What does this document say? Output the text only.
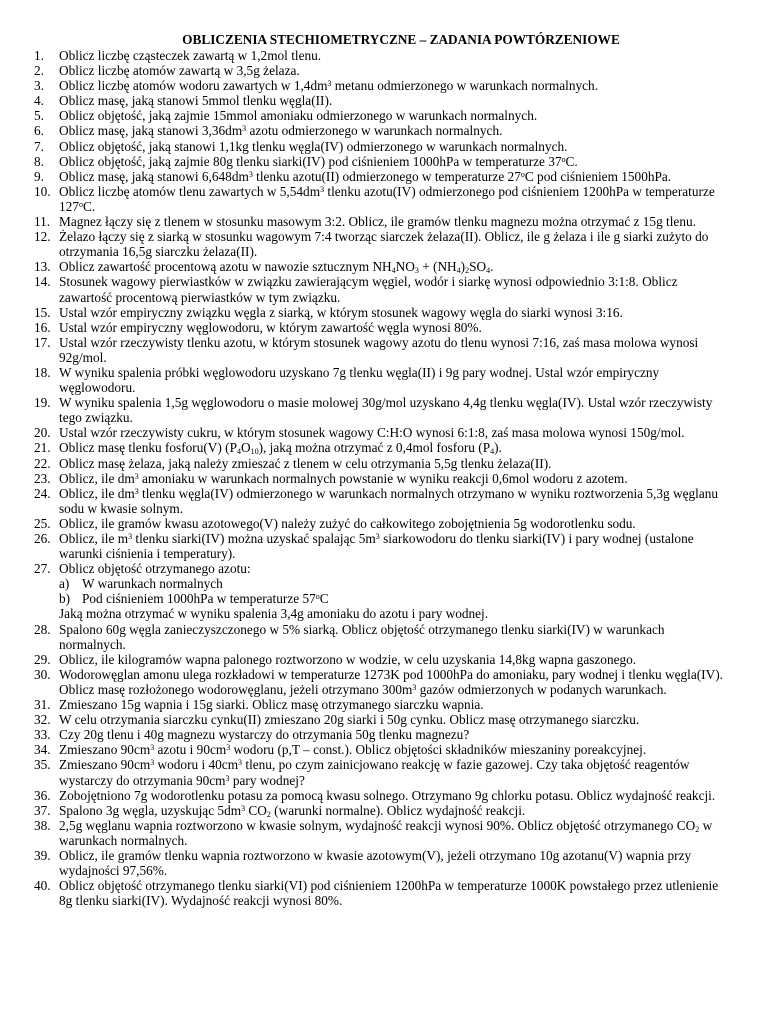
OBLICZENIA STECHIOMETRYCZNE – ZADANIA POWTÓRZENIOWE
1.	Oblicz liczbę cząsteczek zawartą w 1,2mol tlenu.
2.	Oblicz liczbę atomów zawartą w 3,5g żelaza.
3.	Oblicz liczbę atomów wodoru zawartych w $1,4dm^3$ metanu odmierzonego w warunkach normalnych.
4.	Oblicz masę, jaką stanowi 5mmol tlenku węgla(II).
5.	Oblicz objętość, jaką zajmie 15mmol amoniaku odmierzonego w warunkach normalnych.
6.	Oblicz masę, jaką stanowi $3,36dm^3$ azotu odmierzonego w warunkach normalnych.
7.	Oblicz objętość, jaką stanowi 1,1kg tlenku węgla(IV) odmierzonego w warunkach normalnych.
8.	Oblicz objętość, jaką zajmie 80g tlenku siarki(IV) pod ciśnieniem 1000hPa w temperaturze 37$^o$C.
9.	Oblicz masę, jaką stanowi $6,648dm^3$ tlenku azotu(II) odmierzonego w temperaturze 27$^o$C pod ciśnieniem 1500hPa.
10. Oblicz liczbę atomów tlenu zawartych w $5,54dm^3$ tlenku azotu(IV) odmierzonego pod ciśnieniem 1200hPa w temperaturze 127$^o$C.
11. Magnez łączy się z tlenem w stosunku masowym 3:2. Oblicz, ile gramów tlenku magnezu można otrzymać z 15g tlenu.
12. Żelazo łączy się z siarką w stosunku wagowym 7:4 tworząc siarczek żelaza(II). Oblicz, ile g żelaza i ile g siarki zużyto do otrzymania 16,5g siarczku żelaza(II).
13. Oblicz zawartość procentową azotu w nawozie sztucznym $NH_4NO_3 + (NH_4)_2SO_4$.
14. Stosunek wagowy pierwiastków w związku zawierającym węgiel, wodór i siarkę wynosi odpowiednio 3:1:8. Oblicz zawartość procentową pierwiastków w tym związku.
15. Ustal wzór empiryczny związku węgla z siarką, w którym stosunek wagowy węgla do siarki wynosi 3:16.
16. Ustal wzór empiryczny węglowodoru, w którym zawartość węgla wynosi 80%.
17. Ustal wzór rzeczywisty tlenku azotu, w którym stosunek wagowy azotu do tlenu wynosi 7:16, zaś masa molowa wynosi 92g/mol.
18. W wyniku spalenia próbki węglowodoru uzyskano 7g tlenku węgla(II) i 9g pary wodnej. Ustal wzór empiryczny węglowodoru.
19. W wyniku spalenia 1,5g węglowodoru o masie molowej 30g/mol uzyskano 4,4g tlenku węgla(IV). Ustal wzór rzeczywisty tego związku.
20. Ustal wzór rzeczywisty cukru, w którym stosunek wagowy C:H:O wynosi 6:1:8, zaś masa molowa wynosi 150g/mol.
21. Oblicz masę tlenku fosforu(V) $(P_4O_{10})$, jaką można otrzymać z 0,4mol fosforu $(P_4)$.
22. Oblicz masę żelaza, jaką należy zmieszać z tlenem w celu otrzymania 5,5g tlenku żelaza(II).
23. Oblicz, ile $dm^3$ amoniaku w warunkach normalnych powstanie w wyniku reakcji 0,6mol wodoru z azotem.
24. Oblicz, ile $dm^3$ tlenku węgla(IV) odmierzonego w warunkach normalnych otrzymano w wyniku roztworzenia 5,3g węglanu sodu w kwasie solnym.
25. Oblicz, ile gramów kwasu azotowego(V) należy zużyć do całkowitego zobojętnienia 5g wodorotlenku sodu.
26. Oblicz, ile $m^3$ tlenku siarki(IV) można uzyskać spalając $5m^3$ siarkowodoru do tlenku siarki(IV) i pary wodnej (ustalone warunki ciśnienia i temperatury).
27. Oblicz objętość otrzymanego azotu:
a) W warunkach normalnych
b) Pod ciśnieniem 1000hPa w temperaturze 57$^o$C
Jaką można otrzymać w wyniku spalenia 3,4g amoniaku do azotu i pary wodnej.
28. Spalono 60g węgla zanieczyszczonego w 5% siarką. Oblicz objętość otrzymanego tlenku siarki(IV) w warunkach normalnych.
29. Oblicz, ile kilogramów wapna palonego roztworzono w wodzie, w celu uzyskania 14,8kg wapna gaszonego.
30. Wodorowęglan amonu ulega rozkładowi w temperaturze 1273K pod 1000hPa do amoniaku, pary wodnej i tlenku węgla(IV). Oblicz masę rozłożonego wodorowęglanu, jeżeli otrzymano $300m^3$ gazów odmierzonych w podanych warunkach.
31. Zmieszano 15g wapnia i 15g siarki. Oblicz masę otrzymanego siarczku wapnia.
32. W celu otrzymania siarczku cynku(II) zmieszano 20g siarki i 50g cynku. Oblicz masę otrzymanego siarczku.
33. Czy 20g tlenu i 40g magnezu wystarczy do otrzymania 50g tlenku magnezu?
34. Zmieszano $90cm^3$ azotu i $90cm^3$ wodoru (p,T – const.). Oblicz objętości składników mieszaniny poreakcyjnej.
35. Zmieszano $90cm^3$ wodoru i $40cm^3$ tlenu, po czym zainicjowano reakcję w fazie gazowej. Czy taka objętość reagentów wystarczy do otrzymania $90cm^3$ pary wodnej?
36. Zobojętniono 7g wodorotlenku potasu za pomocą kwasu solnego. Otrzymano 9g chlorku potasu. Oblicz wydajność reakcji.
37. Spalono 3g węgla, uzyskując $5dm^3$ $CO_2$ (warunki normalne). Oblicz wydajność reakcji.
38. 2,5g węglanu wapnia roztworzono w kwasie solnym, wydajność reakcji wynosi 90%. Oblicz objętość otrzymanego $CO_2$ w warunkach normalnych.
39. Oblicz, ile gramów tlenku wapnia roztworzono w kwasie azotowym(V), jeżeli otrzymano 10g azotanu(V) wapnia przy wydajności 97,56%.
40. Oblicz objętość otrzymanego tlenku siarki(VI) pod ciśnieniem 1200hPa w temperaturze 1000K powstałego przez utlenienie 8g tlenku siarki(IV). Wydajność reakcji wynosi 80%.
